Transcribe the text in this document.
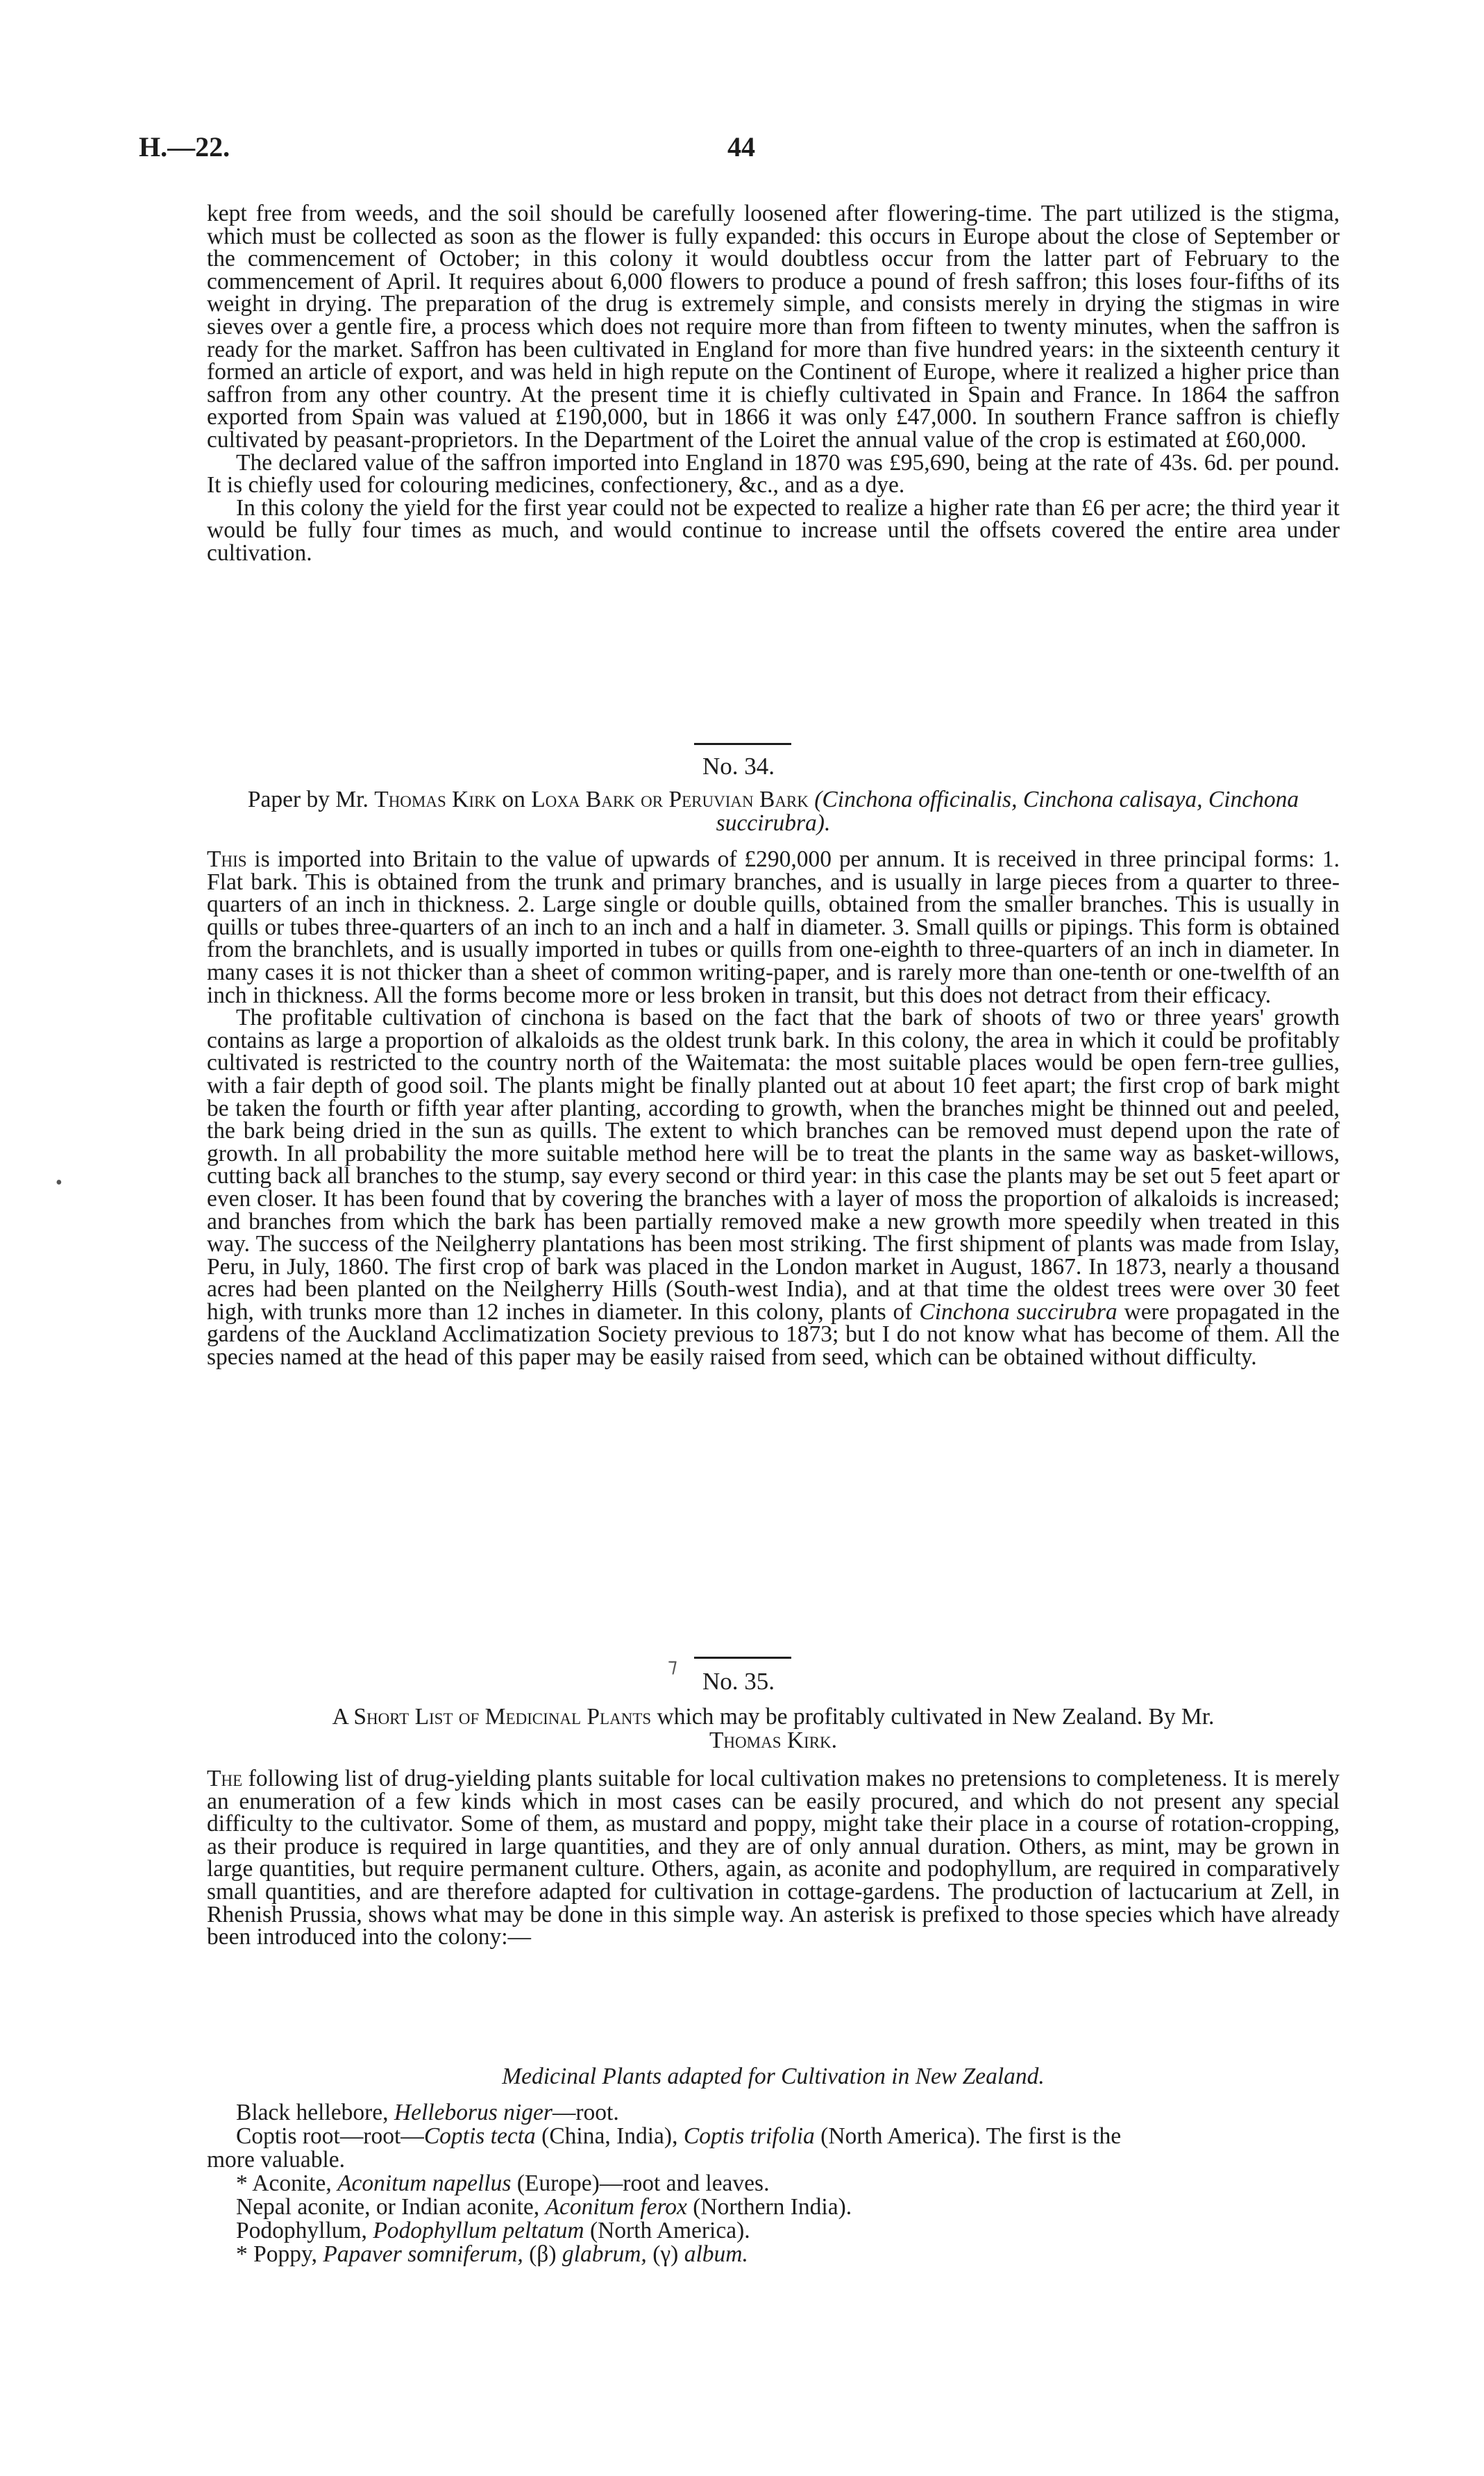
H.—22.	44

kept free from weeds, and the soil should be carefully loosened after flowering-time. The part utilized is the stigma, which must be collected as soon as the flower is fully expanded: this occurs in Europe about the close of September or the commencement of October; in this colony it would doubtless occur from the latter part of February to the commencement of April. It requires about 6,000 flowers to produce a pound of fresh saffron; this loses four-fifths of its weight in drying. The preparation of the drug is extremely simple, and consists merely in drying the stigmas in wire sieves over a gentle fire, a process which does not require more than from fifteen to twenty minutes, when the saffron is ready for the market. Saffron has been cultivated in England for more than five hundred years: in the sixteenth century it formed an article of export, and was held in high repute on the Continent of Europe, where it realized a higher price than saffron from any other country. At the present time it is chiefly cultivated in Spain and France. In 1864 the saffron exported from Spain was valued at £190,000, but in 1866 it was only £47,000. In southern France saffron is chiefly cultivated by peasant-proprietors. In the Department of the Loiret the annual value of the crop is estimated at £60,000.

The declared value of the saffron imported into England in 1870 was £95,690, being at the rate of 43s. 6d. per pound. It is chiefly used for colouring medicines, confectionery, &c., and as a dye.

In this colony the yield for the first year could not be expected to realize a higher rate than £6 per acre; the third year it would be fully four times as much, and would continue to increase until the offsets covered the entire area under cultivation.

No. 34.
Paper by Mr. Thomas Kirk on Loxa Bark or Peruvian Bark (Cinchona officinalis, Cinchona calisaya, Cinchona succirubra).

This is imported into Britain to the value of upwards of £290,000 per annum. It is received in three principal forms: 1. Flat bark. This is obtained from the trunk and primary branches, and is usually in large pieces from a quarter to three-quarters of an inch in thickness. 2. Large single or double quills, obtained from the smaller branches. This is usually in quills or tubes three-quarters of an inch to an inch and a half in diameter. 3. Small quills or pipings. This form is obtained from the branchlets, and is usually imported in tubes or quills from one-eighth to three-quarters of an inch in diameter. In many cases it is not thicker than a sheet of common writing-paper, and is rarely more than one-tenth or one-twelfth of an inch in thickness. All the forms become more or less broken in transit, but this does not detract from their efficacy.

The profitable cultivation of cinchona is based on the fact that the bark of shoots of two or three years' growth contains as large a proportion of alkaloids as the oldest trunk bark. In this colony, the area in which it could be profitably cultivated is restricted to the country north of the Waitemata: the most suitable places would be open fern-tree gullies, with a fair depth of good soil. The plants might be finally planted out at about 10 feet apart; the first crop of bark might be taken the fourth or fifth year after planting, according to growth, when the branches might be thinned out and peeled, the bark being dried in the sun as quills. The extent to which branches can be removed must depend upon the rate of growth. In all probability the more suitable method here will be to treat the plants in the same way as basket-willows, cutting back all branches to the stump, say every second or third year: in this case the plants may be set out 5 feet apart or even closer. It has been found that by covering the branches with a layer of moss the proportion of alkaloids is increased; and branches from which the bark has been partially removed make a new growth more speedily when treated in this way. The success of the Neilgherry plantations has been most striking. The first shipment of plants was made from Islay, Peru, in July, 1860. The first crop of bark was placed in the London market in August, 1867. In 1873, nearly a thousand acres had been planted on the Neilgherry Hills (South-west India), and at that time the oldest trees were over 30 feet high, with trunks more than 12 inches in diameter. In this colony, plants of Cinchona succirubra were propagated in the gardens of the Auckland Acclimatization Society previous to 1873; but I do not know what has become of them. All the species named at the head of this paper may be easily raised from seed, which can be obtained without difficulty.

•
⁊
No. 35.
A Short List of Medicinal Plants which may be profitably cultivated in New Zealand. By Mr.
Thomas Kirk.

The following list of drug-yielding plants suitable for local cultivation makes no pretensions to completeness. It is merely an enumeration of a few kinds which in most cases can be easily procured, and which do not present any special difficulty to the cultivator. Some of them, as mustard and poppy, might take their place in a course of rotation-cropping, as their produce is required in large quantities, and they are of only annual duration. Others, as mint, may be grown in large quantities, but require permanent culture. Others, again, as aconite and podophyllum, are required in comparatively small quantities, and are therefore adapted for cultivation in cottage-gardens. The production of lactucarium at Zell, in Rhenish Prussia, shows what may be done in this simple way. An asterisk is prefixed to those species which have already been introduced into the colony:—

Medicinal Plants adapted for Cultivation in New Zealand.
Black hellebore, Helleborus niger—root.
Coptis root—root—Coptis tecta (China, India), Coptis trifolia (North America). The first is the
more valuable.
* Aconite, Aconitum napellus (Europe)—root and leaves.
Nepal aconite, or Indian aconite, Aconitum ferox (Northern India).
Podophyllum, Podophyllum peltatum (North America).
* Poppy, Papaver somniferum, (β) glabrum, (γ) album.
